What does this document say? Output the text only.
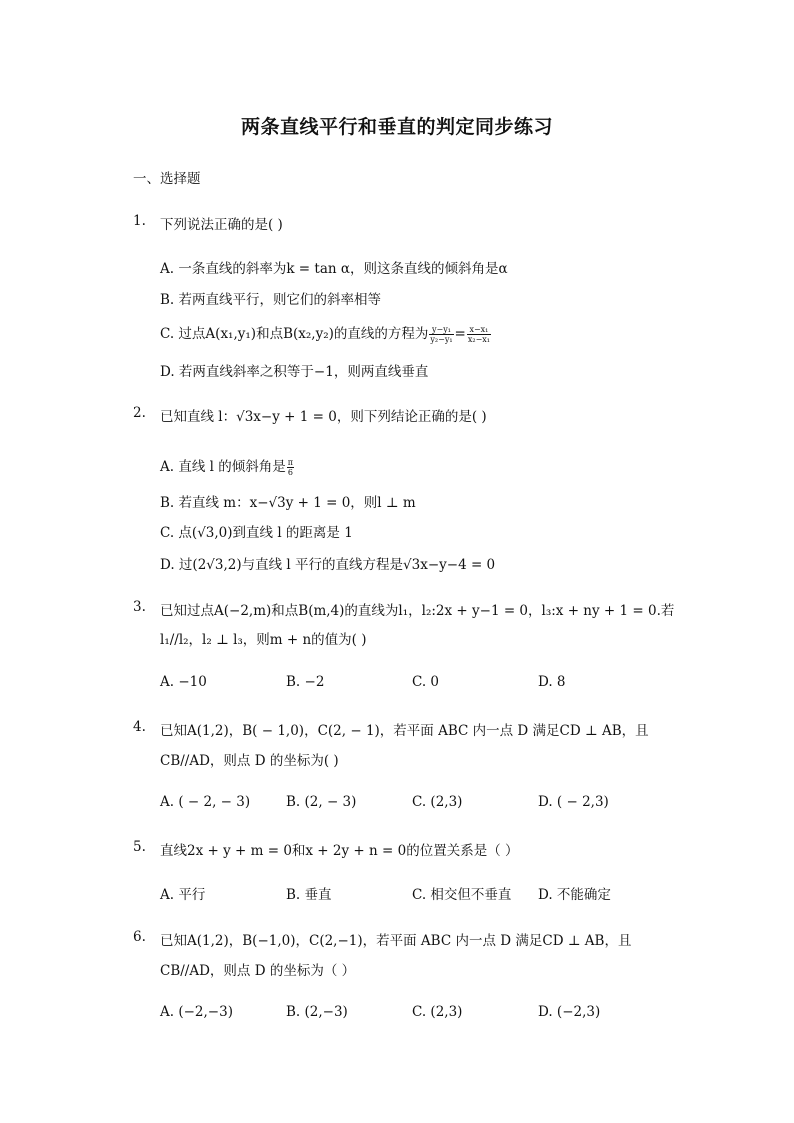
两条直线平行和垂直的判定同步练习
一、选择题
1. 下列说法正确的是( )
A. 一条直线的斜率为k = tan α，则这条直线的倾斜角是α
B. 若两直线平行，则它们的斜率相等
C. 过点A(x₁,y₁)和点B(x₂,y₂)的直线的方程为 $\frac{\text{y−y₁}}{\text{y₂−y₁}} = \frac{\text{x−x₁}}{\text{x₂−x₁}}$
D. 若两直线斜率之积等于−1，则两直线垂直
2. 已知直线 l：√3x−y + 1 = 0，则下列结论正确的是( )
A. 直线 l 的倾斜角是 $\frac{\pi}{6}$
B. 若直线 m：x−√3y + 1 = 0，则l ⊥ m
C. 点(√3,0)到直线 l 的距离是 1
D. 过(2√3,2)与直线 l 平行的直线方程是√3x−y−4 = 0
3. 已知过点A(−2,m)和点B(m,4)的直线为l₁，l₂:2x + y−1 = 0，l₃:x + ny + 1 = 0.若
l₁//l₂，l₂ ⊥ l₃，则m + n的值为( )
A. −10	B. −2	C. 0	D. 8
4. 已知A(1,2)，B( − 1,0)，C(2, − 1)，若平面 ABC 内一点 D 满足CD ⊥ AB，且
CB//AD，则点 D 的坐标为( )
A. ( − 2, − 3)	B. (2, − 3)	C. (2,3)	D. ( − 2,3)
5. 直线2x + y + m = 0和x + 2y + n = 0的位置关系是（ ）
A. 平行	B. 垂直	C. 相交但不垂直 D. 不能确定
6. 已知A(1,2)，B(−1,0)，C(2,−1)，若平面 ABC 内一点 D 满足CD ⊥ AB，且
CB//AD，则点 D 的坐标为（ ）
A. (−2,−3)	B. (2,−3)	C. (2,3)	D. (−2,3)
